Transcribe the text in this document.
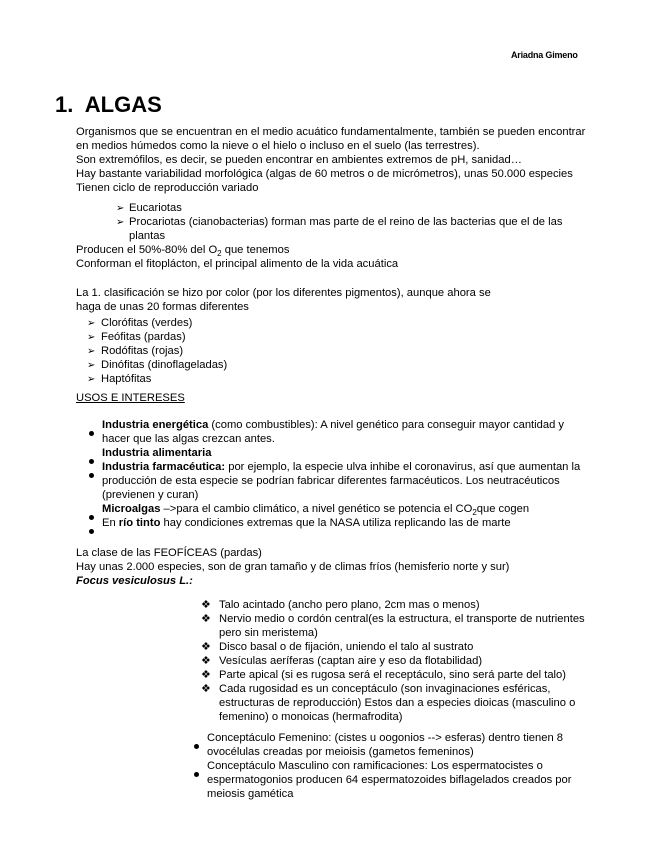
Ariadna Gimeno
1. ALGAS
Organismos que se encuentran en el medio acuático fundamentalmente, también se pueden encontrar
en medios húmedos como la nieve o el hielo o incluso en el suelo (las terrestres).
Son extremófilos, es decir, se pueden encontrar en ambientes extremos de pH, sanidad…
Hay bastante variabilidad morfológica (algas de 60 metros o de micrómetros), unas 50.000 especies
Tienen ciclo de reproducción variado
➢ Eucariotas
➢ Procariotas (cianobacterias) forman mas parte de el reino de las bacterias que el de las
plantas
Producen el 50%-80% del $O_2$ que tenemos
Conforman el fitoplácton, el principal alimento de la vida acuática
La 1. clasificación se hizo por color (por los diferentes pigmentos), aunque ahora se
haga de unas 20 formas diferentes
➢ Clorófitas (verdes)
➢ Feófitas (pardas)
➢ Rodófitas (rojas)
➢ Dinófitas (dinoflageladas)
➢ Haptófitas
USOS E INTERESES
Industria energética (como combustibles): A nivel genético para conseguir mayor cantidad y
hacer que las algas crezcan antes.
Industria alimentaria
Industria farmacéutica: por ejemplo, la especie ulva inhibe el coronavirus, así que aumentan la
producción de esta especie se podrían fabricar diferentes farmacéuticos. Los neutracéuticos
(previenen y curan)
Microalgas –>para el cambio climático, a nivel genético se potencia el $CO_2que$ cogen
En río tinto hay condiciones extremas que la NASA utiliza replicando las de marte
La clase de las FEOFÍCEAS (pardas)
Hay unas 2.000 especies, son de gran tamaño y de climas fríos (hemisferio norte y sur)
Focus vesiculosus L.:
❖ Talo acintado (ancho pero plano, 2cm mas o menos)
❖ Nervio medio o cordón central(es la estructura, el transporte de nutrientes
pero sin meristema)
❖ Disco basal o de fijación, uniendo el talo al sustrato
❖ Vesículas aeríferas (captan aire y eso da flotabilidad)
❖ Parte apical (si es rugosa será el receptáculo, sino será parte del talo)
❖ Cada rugosidad es un conceptáculo (son invaginaciones esféricas,
estructuras de reproducción) Estos dan a especies dioicas (masculino o
femenino) o monoicas (hermafrodita)
Conceptáculo Femenino: (cistes u oogonios --> esferas) dentro tienen 8
ovocélulas creadas por meioisis (gametos femeninos)
Conceptáculo Masculino con ramificaciones: Los espermatocistes o
espermatogonios producen 64 espermatozoides biflagelados creados por
meiosis gamética
